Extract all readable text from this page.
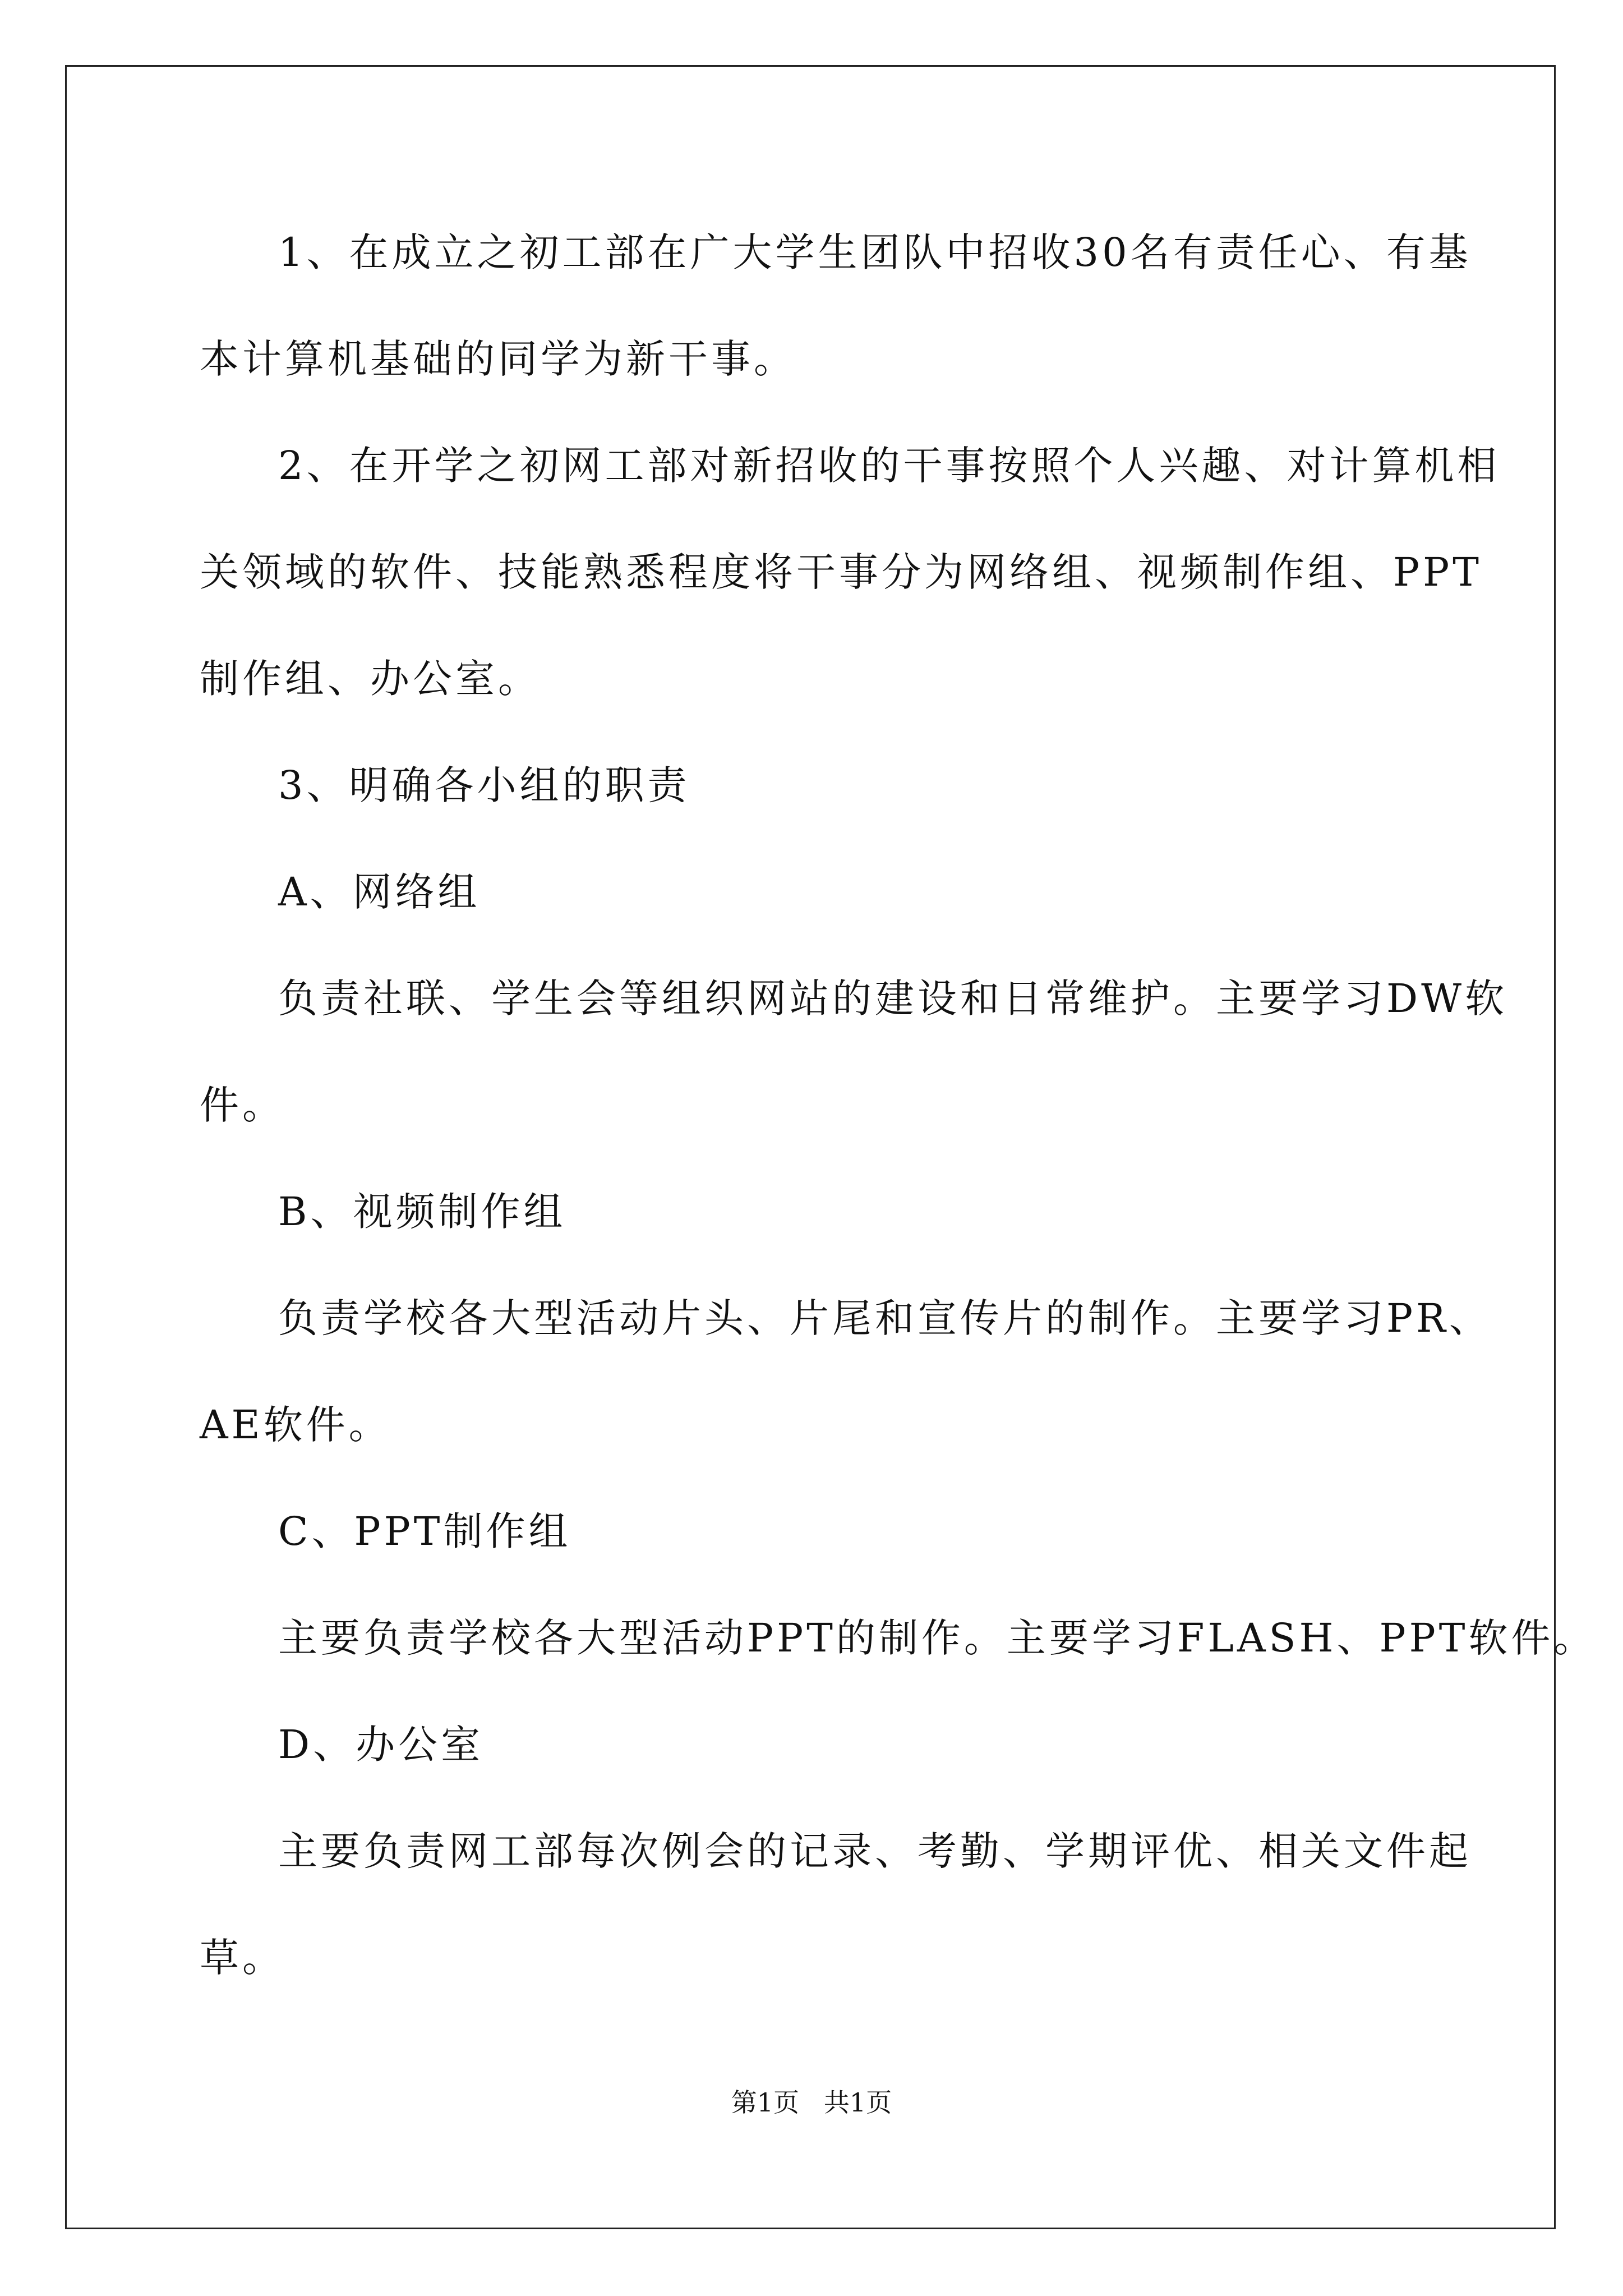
1、在成立之初工部在广大学生团队中招收30名有责任心、有基

本计算机基础的同学为新干事。

2、在开学之初网工部对新招收的干事按照个人兴趣、对计算机相

关领域的软件、技能熟悉程度将干事分为网络组、视频制作组、PPT

制作组、办公室。

3、明确各小组的职责

A、网络组

负责社联、学生会等组织网站的建设和日常维护。主要学习DW软

件。

B、视频制作组

负责学校各大型活动片头、片尾和宣传片的制作。主要学习PR、

AE软件。

C、PPT制作组

主要负责学校各大型活动PPT的制作。主要学习FLASH、PPT软件。

D、办公室

主要负责网工部每次例会的记录、考勤、学期评优、相关文件起

草。

第1页   共1页
